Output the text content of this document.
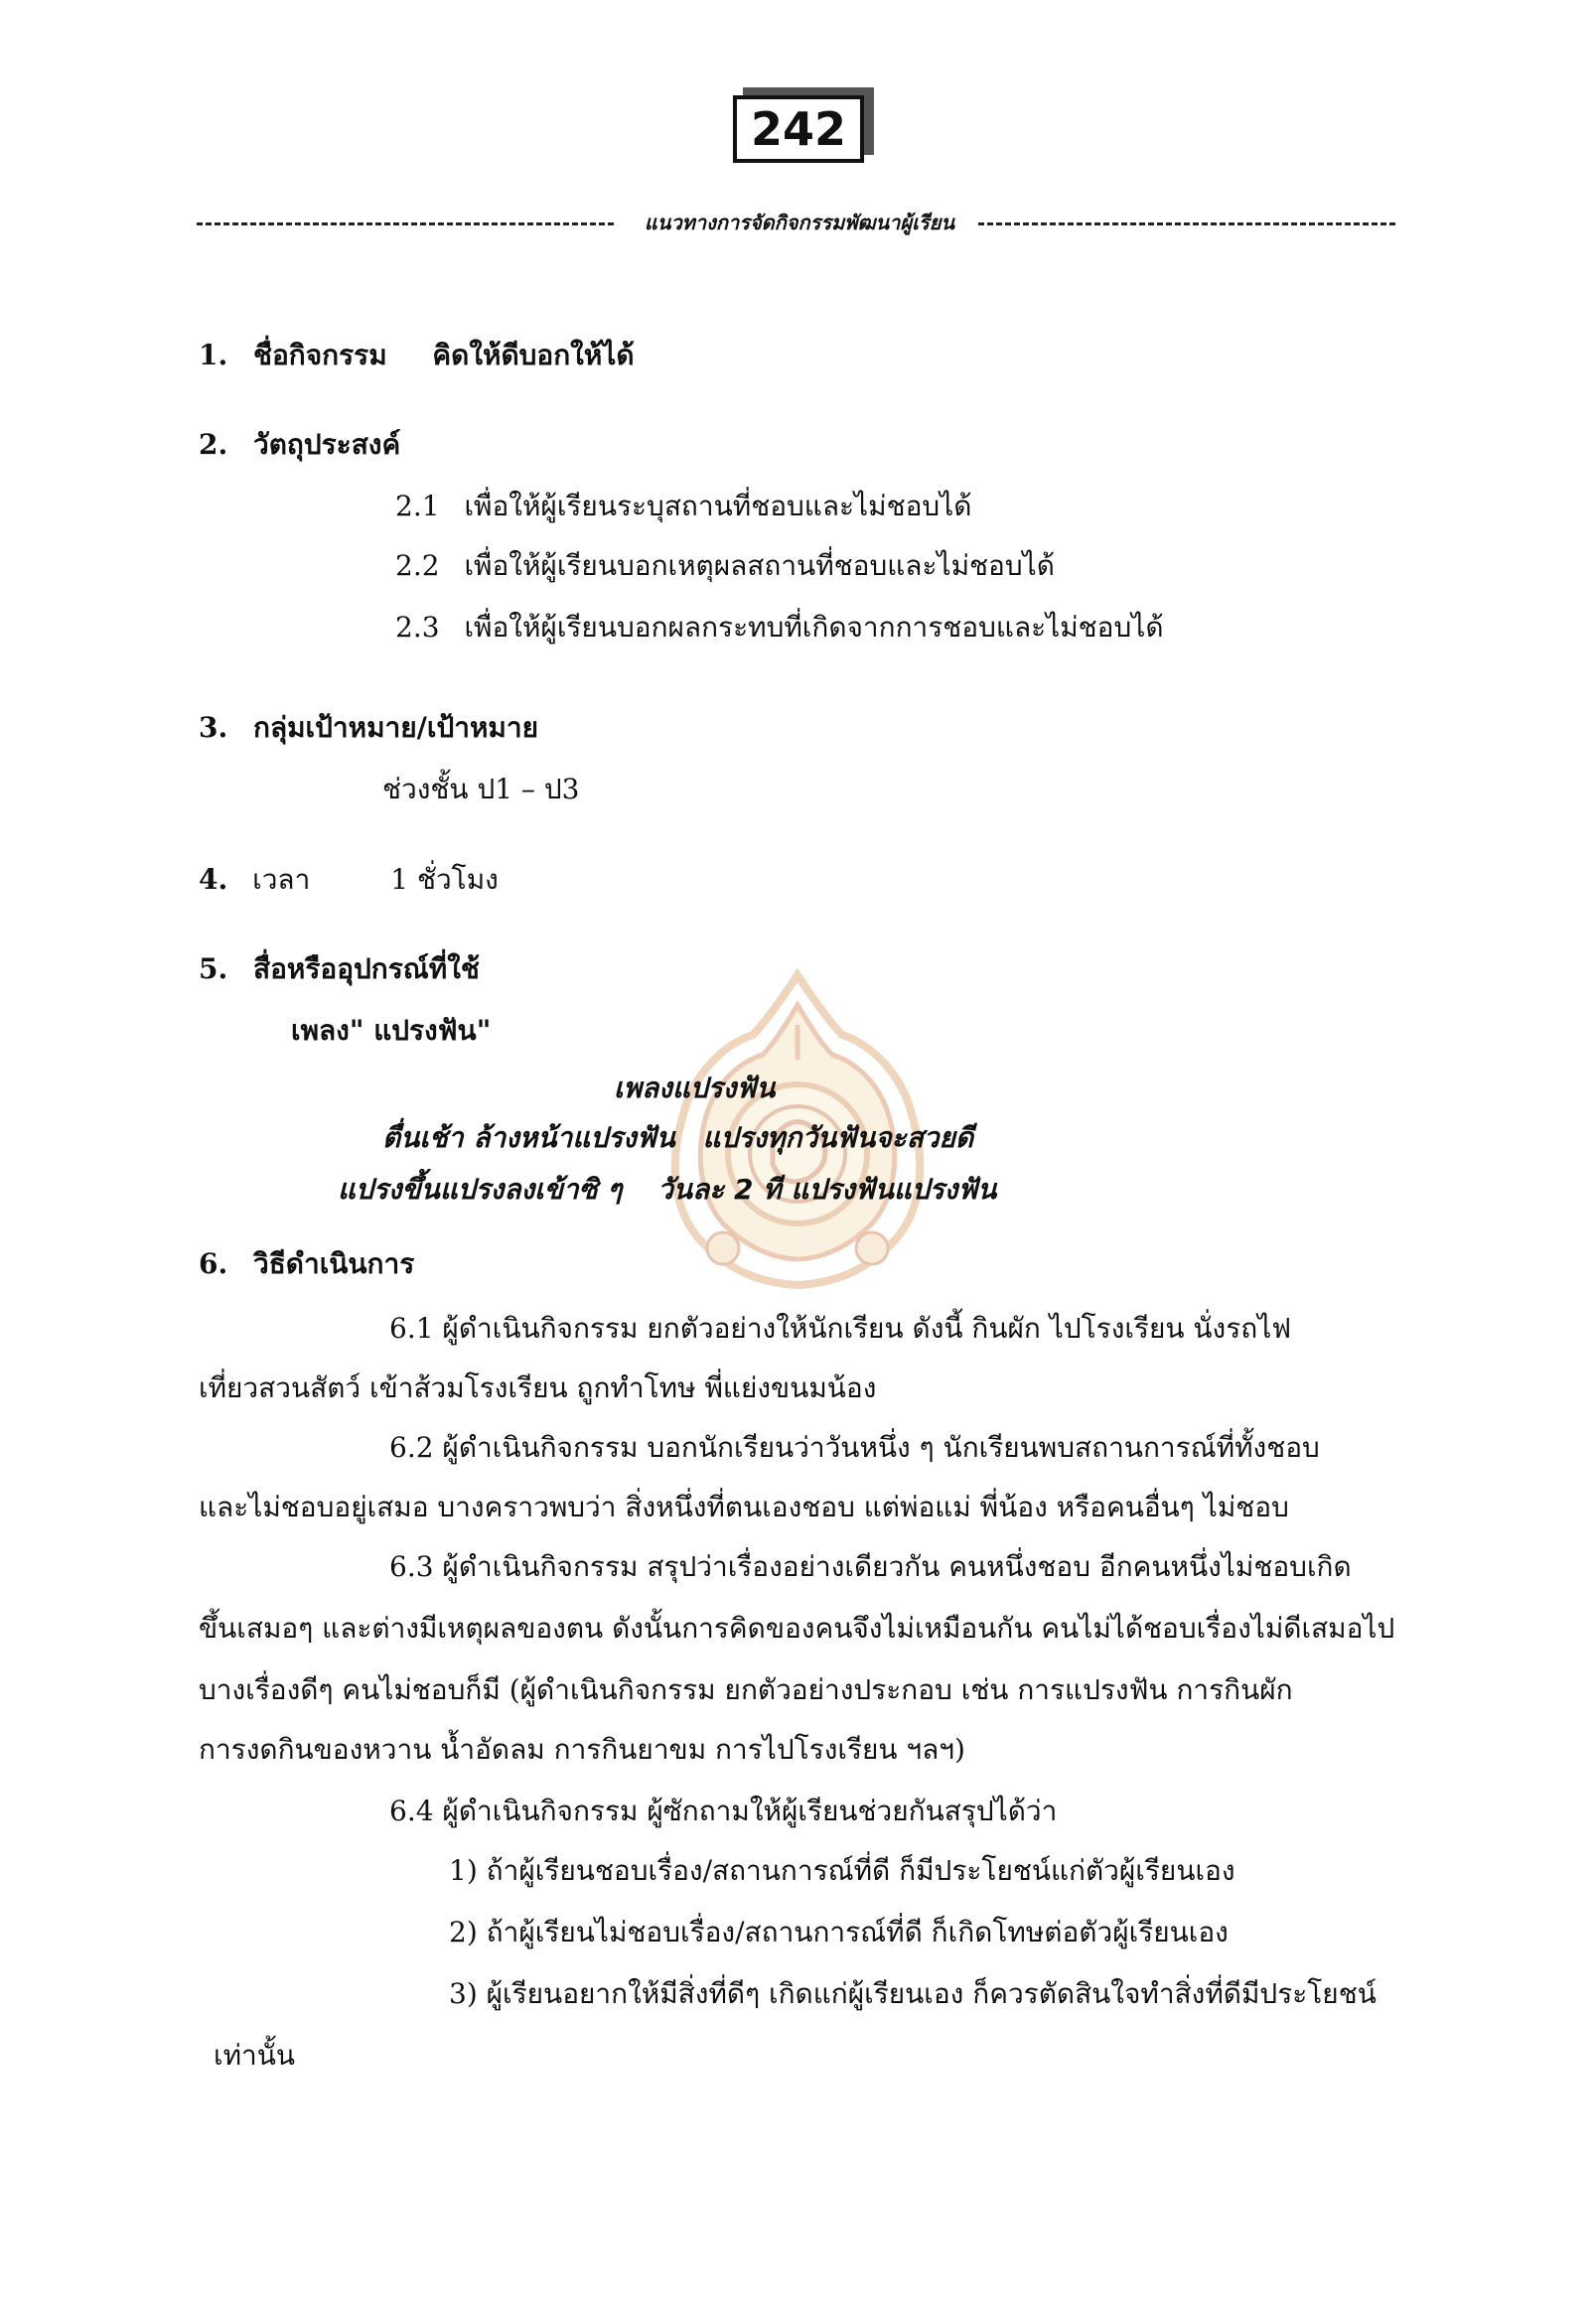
242
แนวทางการจัดกิจกรรมพัฒนาผู้เรียน
1. ชื่อกิจกรรม คิดให้ดีบอกให้ได้
2. วัตถุประสงค์
2.1 เพื่อให้ผู้เรียนระบุสถานที่ชอบและไม่ชอบได้
2.2 เพื่อให้ผู้เรียนบอกเหตุผลสถานที่ชอบและไม่ชอบได้
2.3 เพื่อให้ผู้เรียนบอกผลกระทบที่เกิดจากการชอบและไม่ชอบได้
3. กลุ่มเป้าหมาย/เป้าหมาย
ช่วงชั้น ป1 – ป3
4. เวลา	1 ชั่วโมง
5. สื่อหรืออุปกรณ์ที่ใช้
เพลง" แปรงฟัน"
เพลงแปรงฟัน
ตื่นเช้า ล้างหน้าแปรงฟัน แปรงทุกวันฟันจะสวยดี
แปรงขึ้นแปรงลงเข้าซิ ๆ วันละ 2 ที แปรงฟันแปรงฟัน
6. วิธีดำเนินการ
6.1 ผู้ดำเนินกิจกรรม ยกตัวอย่างให้นักเรียน ดังนี้ กินผัก ไปโรงเรียน นั่งรถไฟ
เที่ยวสวนสัตว์ เข้าส้วมโรงเรียน ถูกทำโทษ พี่แย่งขนมน้อง
6.2 ผู้ดำเนินกิจกรรม บอกนักเรียนว่าวันหนึ่ง ๆ นักเรียนพบสถานการณ์ที่ทั้งชอบ
และไม่ชอบอยู่เสมอ บางคราวพบว่า สิ่งหนึ่งที่ตนเองชอบ แต่พ่อแม่ พี่น้อง หรือคนอื่นๆ ไม่ชอบ
6.3 ผู้ดำเนินกิจกรรม สรุปว่าเรื่องอย่างเดียวกัน คนหนึ่งชอบ อีกคนหนึ่งไม่ชอบเกิด
ขึ้นเสมอๆ และต่างมีเหตุผลของตน ดังนั้นการคิดของคนจึงไม่เหมือนกัน คนไม่ได้ชอบเรื่องไม่ดีเสมอไป
บางเรื่องดีๆ คนไม่ชอบก็มี (ผู้ดำเนินกิจกรรม ยกตัวอย่างประกอบ เช่น การแปรงฟัน การกินผัก
การงดกินของหวาน น้ำอัดลม การกินยาขม การไปโรงเรียน ฯลฯ)
6.4 ผู้ดำเนินกิจกรรม ผู้ซักถามให้ผู้เรียนช่วยกันสรุปได้ว่า
1) ถ้าผู้เรียนชอบเรื่อง/สถานการณ์ที่ดี ก็มีประโยชน์แก่ตัวผู้เรียนเอง
2) ถ้าผู้เรียนไม่ชอบเรื่อง/สถานการณ์ที่ดี ก็เกิดโทษต่อตัวผู้เรียนเอง
3) ผู้เรียนอยากให้มีสิ่งที่ดีๆ เกิดแก่ผู้เรียนเอง ก็ควรตัดสินใจทำสิ่งที่ดีมีประโยชน์
เท่านั้น
